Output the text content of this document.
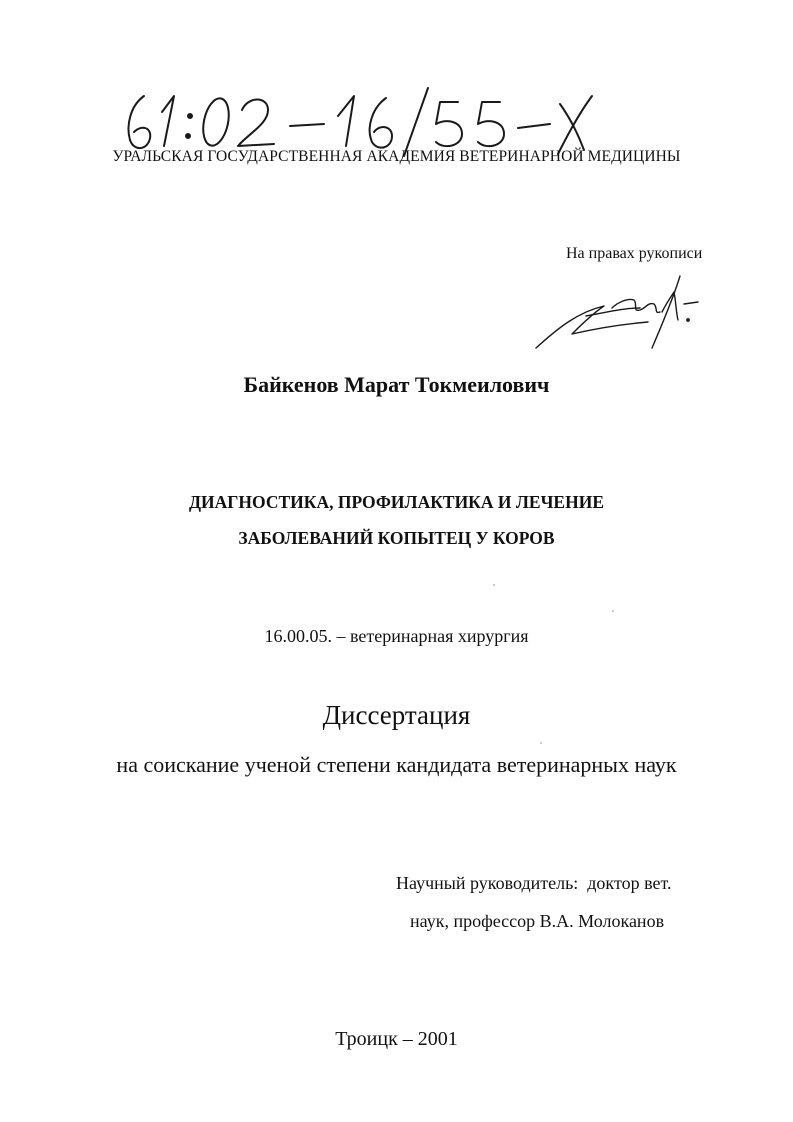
УРАЛЬСКАЯ ГОСУДАРСТВЕННАЯ АКАДЕМИЯ ВЕТЕРИНАРНОЙ МЕДИЦИНЫ
На правах рукописи
Байкенов Марат Токмеилович
ДИАГНОСТИКА, ПРОФИЛАКТИКА И ЛЕЧЕНИЕ
ЗАБОЛЕВАНИЙ КОПЫТЕЦ У КОРОВ
16.00.05. – ветеринарная хирургия
Диссертация
на соискание ученой степени кандидата ветеринарных наук
Научный руководитель:  доктор вет.
наук, профессор В.А. Молоканов
Троицк – 2001
